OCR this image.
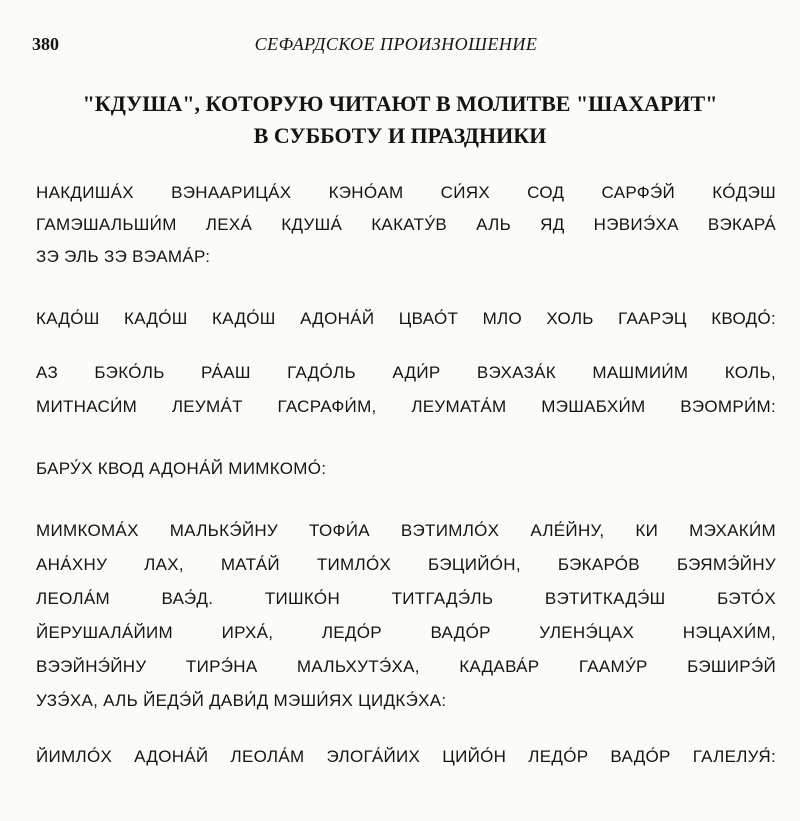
380	СЕФАРДСКОЕ ПРОИЗНОШЕНИЕ
"КДУША", КОТОРУЮ ЧИТАЮТ В МОЛИТВЕ "ШАХАРИТ"
В СУББОТУ И ПРАЗДНИКИ
НАКДИША́Х ВЭНААРИЦА́Х КЭНО́АМ СИ́ЯХ СОД САРФЭ́Й КО́ДЭШ
ГАМЭШАЛЬШИ́М ЛЕХА́ КДУША́ КАКАТУ́В АЛЬ ЯД НЭВИЭ́ХА ВЭКАРА́
ЗЭ ЭЛЬ ЗЭ ВЭАМА́Р:
КАДО́Ш КАДО́Ш КАДО́Ш АДОНА́Й ЦВАО́Т МЛО ХОЛЬ ГААРЭЦ КВОДО́:
АЗ БЭКО́ЛЬ РА́АШ ГАДО́ЛЬ АДИ́Р ВЭХАЗА́К МАШМИИ́М КОЛЬ,
МИТНАСИ́М ЛЕУМА́Т ГАСРАФИ́М, ЛЕУМАТА́М МЭШАБХИ́М ВЭОМРИ́М:
БАРУ́Х КВОД АДОНА́Й МИМКОМО́:
МИМКОМА́Х МАЛЬКЭ́ЙНУ ТОФИ́А ВЭТИМЛО́Х АЛЕ́ЙНУ, КИ МЭХАКИ́М
АНА́ХНУ ЛАХ, МАТА́Й ТИМЛО́Х БЭЦИЙО́Н, БЭКАРО́В БЭЯМЭ́ЙНУ
ЛЕОЛА́М ВАЭ́Д. ТИШКО́Н ТИТГАДЭ́ЛЬ ВЭТИТКАДЭ́Ш БЭТО́Х
ЙЕРУШАЛА́ЙИМ ИРХА́, ЛЕДО́Р ВАДО́Р УЛЕНЭ́ЦАХ НЭЦАХИ́М,
ВЭЭЙНЭ́ЙНУ ТИРЭ́НА МАЛЬХУТЭ́ХА, КАДАВА́Р ГААМУ́Р БЭШИРЭ́Й
УЗЭ́ХА, АЛЬ ЙЕДЭ́Й ДАВИ́Д МЭШИ́ЯХ ЦИДКЭ́ХА:
ЙИМЛО́Х АДОНА́Й ЛЕОЛА́М ЭЛОГА́ЙИХ ЦИЙО́Н ЛЕДО́Р ВАДО́Р ГАЛЕЛУЯ́:
